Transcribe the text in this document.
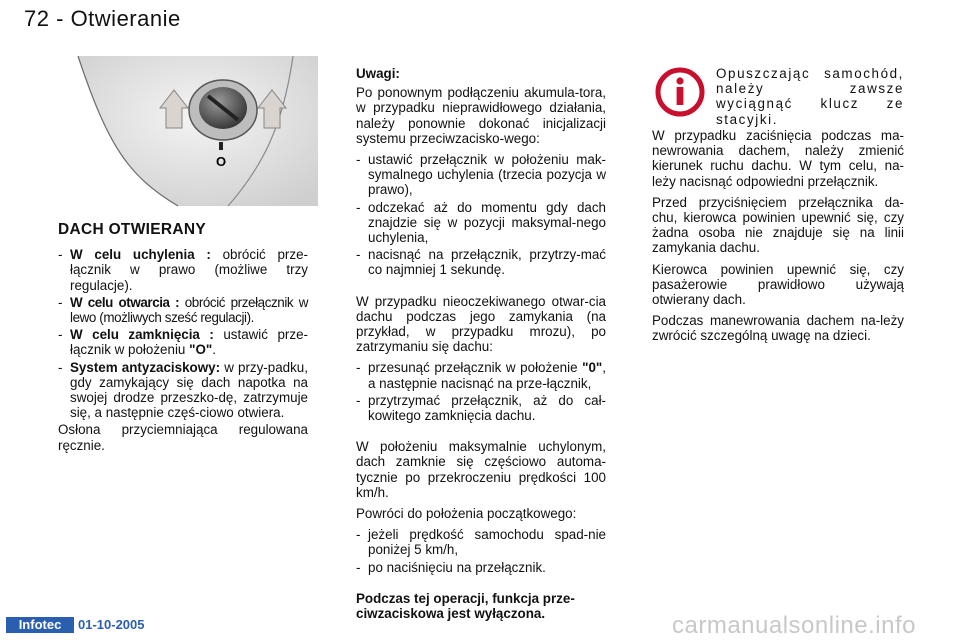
72 - Otwieranie
O
DACH OTWIERANY
- W celu uchylenia : obrócić prze-łącznik w prawo (możliwe trzy regulacje).
- W celu otwarcia : obrócić przełącznik w lewo (możliwych sześć regulacji).
- W celu zamknięcia : ustawić prze-łącznik w położeniu "O".
- System antyzaciskowy: w przy-padku, gdy zamykający się dach napotka na swojej drodze przeszko-dę, zatrzymuje się, a następnie częś-ciowo otwiera.

Osłona przyciemniająca regulowana ręcznie.

Uwagi:

Po ponownym podłączeniu akumula-tora, w przypadku nieprawidłowego działania, należy ponownie dokonać inicjalizacji systemu przeciwzacisko-wego:

- ustawić przełącznik w położeniu mak-symalnego uchylenia (trzecia pozycja w prawo),
- odczekać aż do momentu gdy dach znajdzie się w pozycji maksymal-nego uchylenia,
- nacisnąć na przełącznik, przytrzy-mać co najmniej 1 sekundę.

W przypadku nieoczekiwanego otwar-cia dachu podczas jego zamykania (na przykład, w przypadku mrozu), po zatrzymaniu się dachu:

- przesunąć przełącznik w położenie "0", a następnie nacisnąć na prze-łącznik,
- przytrzymać przełącznik, aż do cał-kowitego zamknięcia dachu.

W położeniu maksymalnie uchylonym, dach zamknie się częściowo automa-tycznie po przekroczeniu prędkości 100 km/h.

Powróci do położenia początkowego:

- jeżeli prędkość samochodu spad-nie poniżej 5 km/h,
- po naciśnięciu na przełącznik.

Podczas tej operacji, funkcja prze-ciwzaciskowa jest wyłączona.

Opuszczając samochód, należy zawsze wyciągnąć klucz ze stacyjki.

W przypadku zaciśnięcia podczas ma-newrowania dachem, należy zmienić kierunek ruchu dachu. W tym celu, na-leży nacisnąć odpowiedni przełącznik.

Przed przyciśnięciem przełącznika da-chu, kierowca powinien upewnić się, czy żadna osoba nie znajduje się na linii zamykania dachu.

Kierowca powinien upewnić się, czy pasażerowie prawidłowo używają otwierany dach.

Podczas manewrowania dachem na-leży zwrócić szczególną uwagę na dzieci.

Infotec	01-10-2005	carmanualsonline.info
